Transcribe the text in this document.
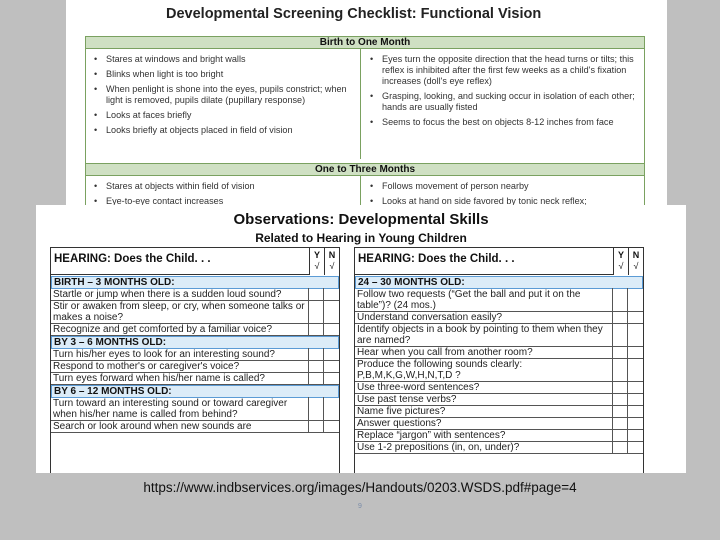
Developmental Screening Checklist: Functional Vision
Birth to One Month
• Stares at windows and bright walls
• Blinks when light is too bright
• When penlight is shone into the eyes, pupils constrict; when light is removed, pupils dilate (pupillary response)
• Looks at faces briefly
• Looks briefly at objects placed in field of vision
• Eyes turn the opposite direction that the head turns or tilts; this reflex is inhibited after the first few weeks as a child's fixation increases (doll's eye reflex)
• Grasping, looking, and sucking occur in isolation of each other; hands are usually fisted
• Seems to focus the best on objects 8-12 inches from face
One to Three Months
• Stares at objects within field of vision
• Eye-to-eye contact increases
• Follows movement of person nearby
• Looks at hand on side favored by tonic neck reflex;
Observations: Developmental Skills
Related to Hearing in Young Children
HEARING: Does the Child. . .	Y
√
N
√
BIRTH – 3 MONTHS OLD:
Startle or jump when there is a sudden loud sound?
Stir or awaken from sleep, or cry, when someone talks or makes a noise?
Recognize and get comforted by a familiar voice?
BY 3 – 6 MONTHS OLD:
Turn his/her eyes to look for an interesting sound?
Respond to mother's or caregiver's voice?
Turn eyes forward when his/her name is called?
BY 6 – 12 MONTHS OLD:
Turn toward an interesting sound or toward caregiver when his/her name is called from behind?
Search or look around when new sounds are
HEARING: Does the Child. . .	Y
√
N
√
24 – 30 MONTHS OLD:
Follow two requests (“Get the ball and put it on the table”)? (24 mos.)
Understand conversation easily?
Identify objects in a book by pointing to them when they are named?
Hear when you call from another room?
Produce the following sounds clearly: P,B,M,K,G,W,H,N,T,D ?
Use three-word sentences?
Use past tense verbs?
Name five pictures?
Answer questions?
Replace “jargon” with sentences?
Use 1-2 prepositions (in, on, under)?
https://www.indbservices.org/images/Handouts/0203.WSDS.pdf#page=4
9
